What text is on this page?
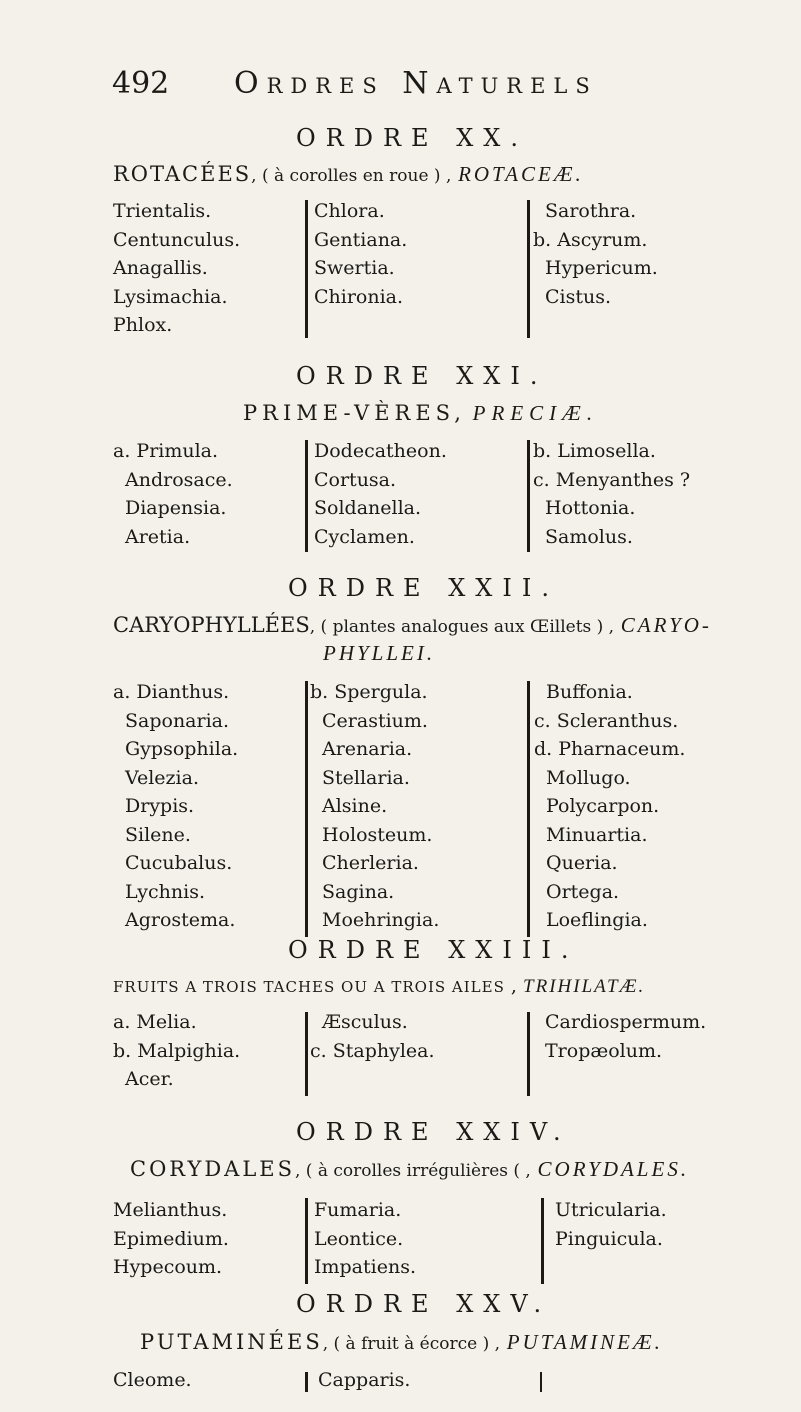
492 Ordres Naturels
ORDRE XX.
ROTACÉES, ( à corolles en roue ) , ROTACEÆ.
Trientalis.
Centunculus.
Anagallis.
Lysimachia.
Phlox.
Chlora.
Gentiana.
Swertia.
Chironia.
Sarothra.
b. Ascyrum.
Hypericum.
Cistus.
ORDRE XXI.
PRIME-VÈRES, PRECIÆ.
a. Primula.
Androsace.
Diapensia.
Aretia.
Dodecatheon.
Cortusa.
Soldanella.
Cyclamen.
b. Limosella.
c. Menyanthes ?
Hottonia.
Samolus.
ORDRE XXII.
CARYOPHYLLÉES, ( plantes analogues aux Œillets ) , CARYO-
PHYLLEI.
a. Dianthus.
Saponaria.
Gypsophila.
Velezia.
Drypis.
Silene.
Cucubalus.
Lychnis.
Agrostema.
b. Spergula.
Cerastium.
Arenaria.
Stellaria.
Alsine.
Holosteum.
Cherleria.
Sagina.
Moehringia.
Buffonia.
c. Scleranthus.
d. Pharnaceum.
Mollugo.
Polycarpon.
Minuartia.
Queria.
Ortega.
Loeflingia.
ORDRE XXIII.
FRUITS A TROIS TACHES OU A TROIS AILES , TRIHILATÆ.
a. Melia.
b. Malpighia.
Acer.
Æsculus.
c. Staphylea.
Cardiospermum.
Tropæolum.
ORDRE XXIV.
CORYDALES, ( à corolles irrégulières ( , CORYDALES.
Melianthus.
Epimedium.
Hypecoum.
Fumaria.
Leontice.
Impatiens.
Utricularia.
Pinguicula.
ORDRE XXV.
PUTAMINÉES, ( à fruit à écorce ) , PUTAMINEÆ.
Cleome.	Capparis.
